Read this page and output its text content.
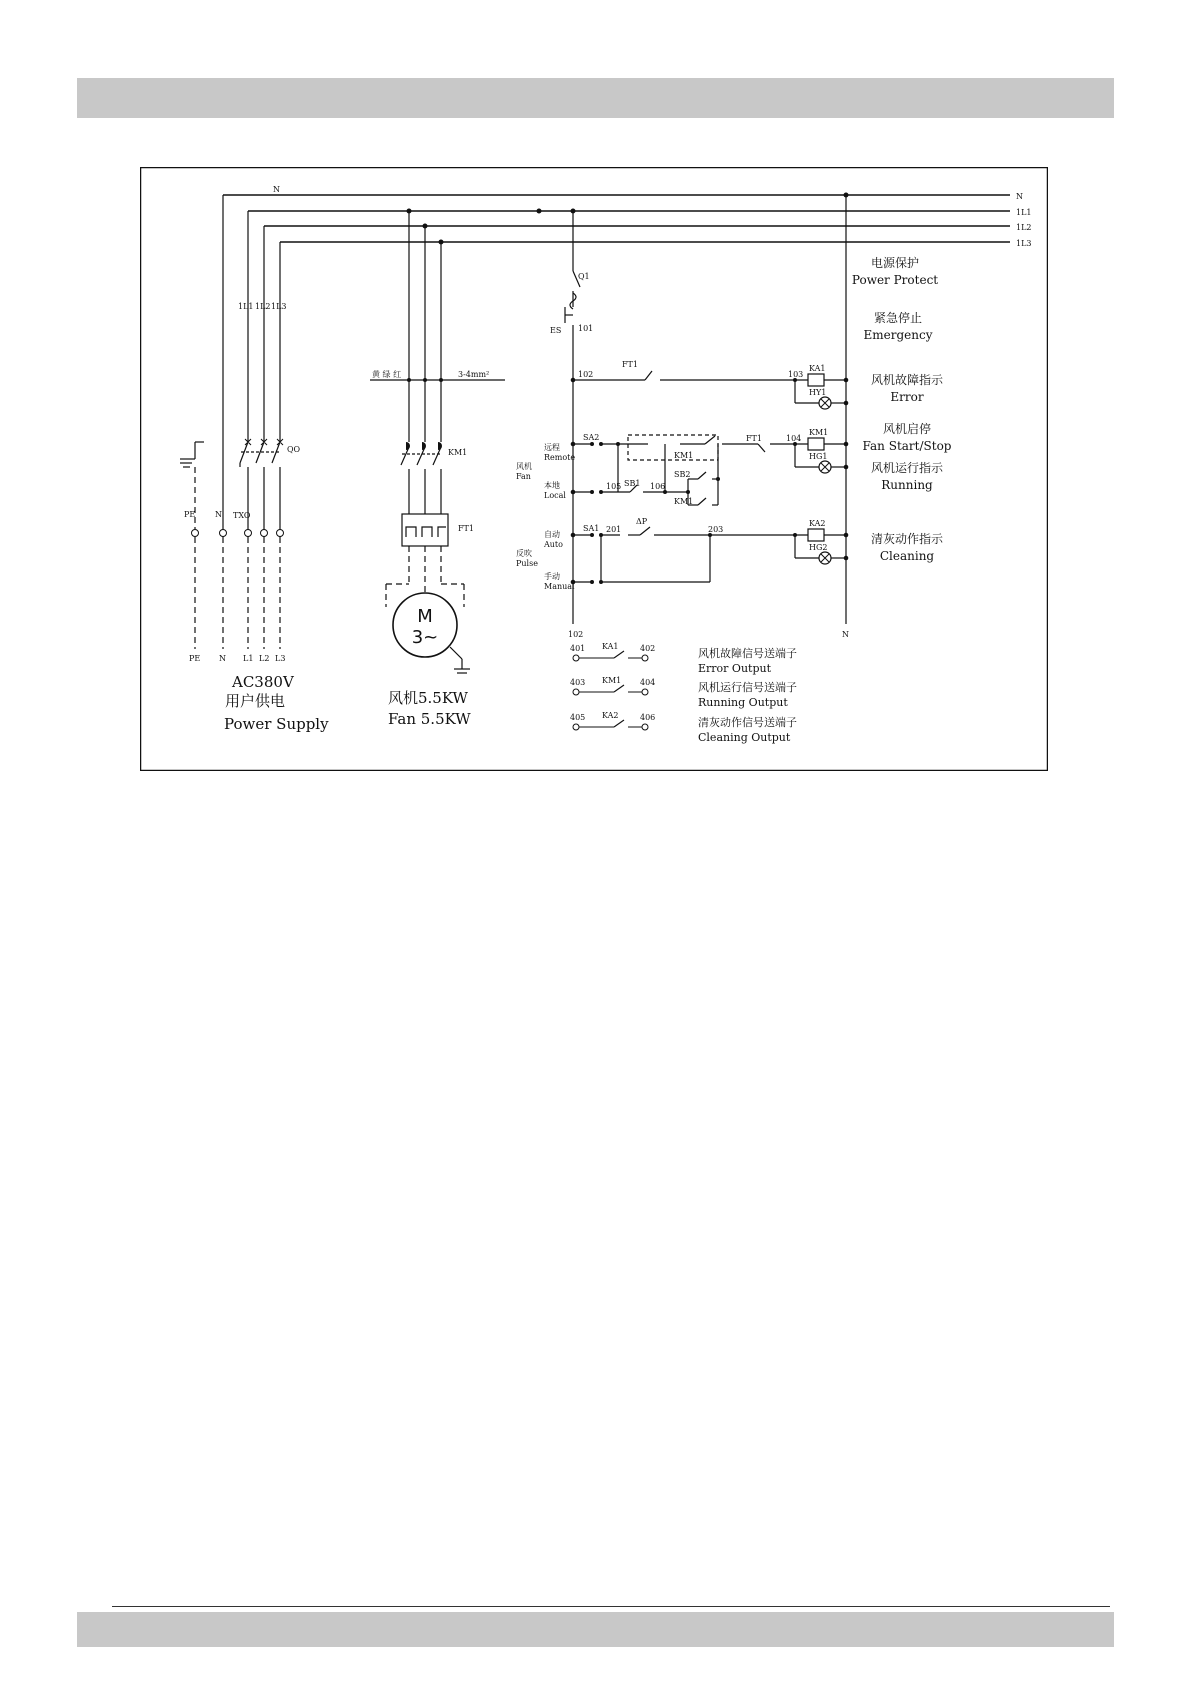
N
N
1L1
1L2
1L3
QO
1L1 1L2 1L3
TXO
PE N
PE N L1 L2 L3
AC380V
用户供电
Power Supply
黄 绿 红	3-4mm²
KM1
FT1
M
3~
风机5.5KW
Fan 5.5KW
Q1
ES 101
102	103
104
105	106
201	203
102	N
FT1
FT1
SA2
SA1
SB1
SB2
KM1
KM1
KA1
HY1
KM1
HG1
KA2
HG2
ΔP
远程
Remote
风机
Fan
本地
Local
自动
Auto
反吹
Pulse
手动
Manual
电源保护
Power Protect
紧急停止
Emergency
风机故障指示
Error
风机启停
Fan Start/Stop
风机运行指示
Running
清灰动作指示
Cleaning
401 KA1	402	风机故障信号送端子
Error Output
403 KM1 404	风机运行信号送端子
Running Output
405 KA2	406	清灰动作信号送端子
Cleaning Output
